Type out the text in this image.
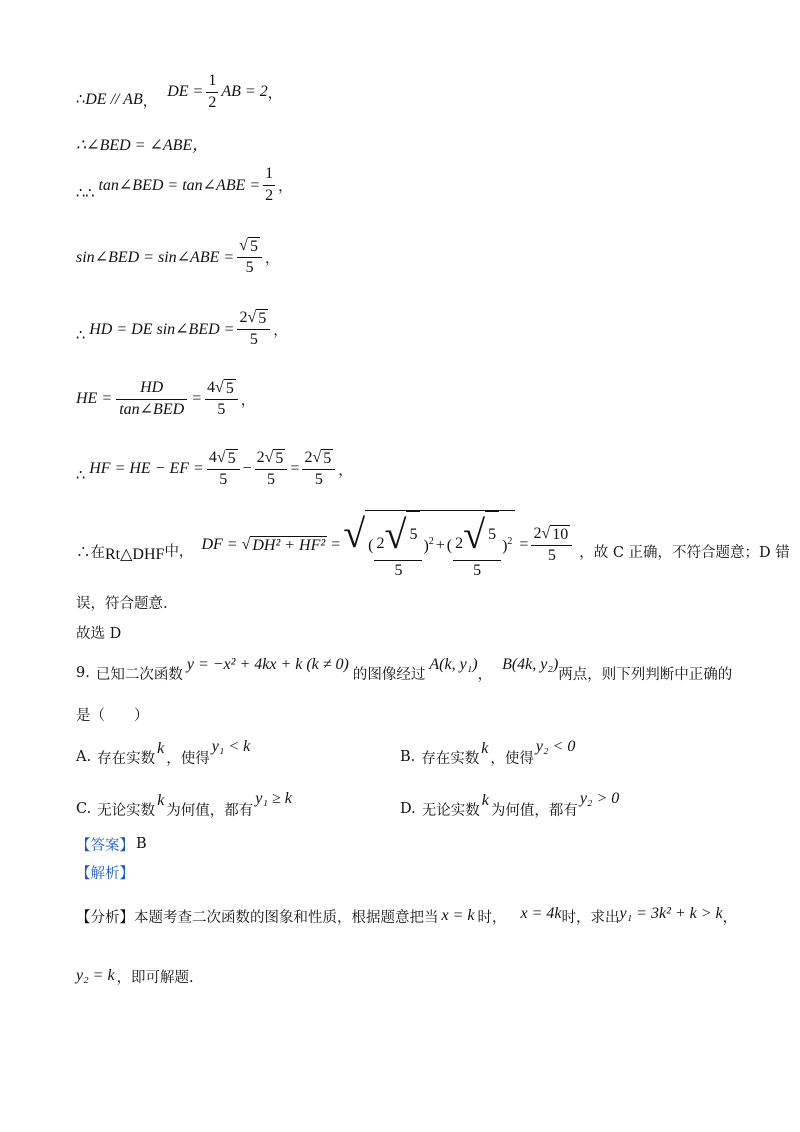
∴ DE // AB ，
DE = $\frac{1}{2}$ AB = 2 ，
∴∠BED = ∠ABE，
∴∴ tan∠BED = tan∠ABE = $\frac{1}{2}$ ，
sin∠BED = sin∠ABE = $\frac{√ 5}{5}$ ，
∴ HD = DE sin∠BED = $\frac{2 √ 5}{5}$ ，
HE = $\frac{HD}{\text{tan∠BED}} = \frac{4 √ 5}{5}$ ，
∴ HF = HE − EF = $\frac{4 √ 5}{5} - \frac{2 √ 5}{5} = \frac{2 √ 5}{5}$ ，
∴在 Rt△DHF 中， DF = √ DH² + HF² = √ ( $\frac{2 √ 5}{5} )^2$ + ( $\frac{2 √ 5}{5} )^2 = \frac{2 √ 10}{5}$ ，故 C 正确，不符合题意；D 错
误，符合题意.
故选 D
9. 已知二次函数
y = −x² + 4kx + k (k ≠ 0)
的图像经过
A(k, y₁)
，
B(4k, y₂)
两点，则下列判断中正确的
是（　　）
A. 存在实数
k
，使得
y₁ < k
B. 存在实数
k
，使得
y₂ < 0
C. 无论实数
k
为何值，都有
y₁ ≥ k
D. 无论实数
k
为何值，都有
y₂ > 0
【答案】 B
【解析】
【分析】 本题考查二次函数的图象和性质，根据题意把当 x = k 时， x = 4k 时，求出 y₁ = 3k² + k > k ，
y₂ = k ，即可解题.
